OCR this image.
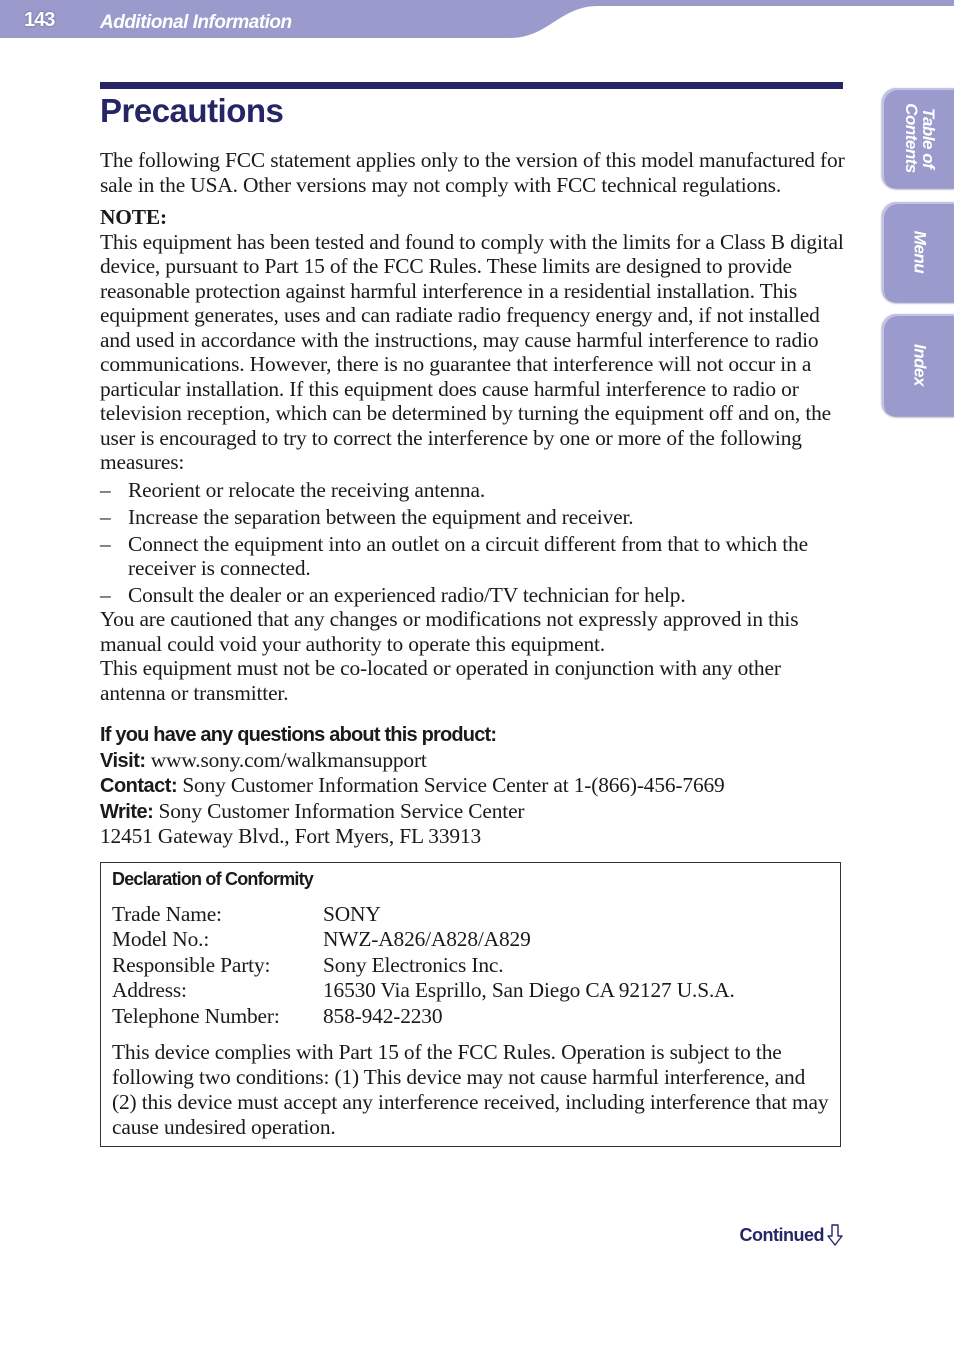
143 Additional Information
Precautions

The following FCC statement applies only to the version of this model manufactured for sale in the USA. Other versions may not comply with FCC technical regulations.

NOTE:

This equipment has been tested and found to comply with the limits for a Class B digital device, pursuant to Part 15 of the FCC Rules. These limits are designed to provide reasonable protection against harmful interference in a residential installation. This equipment generates, uses and can radiate radio frequency energy and, if not installed and used in accordance with the instructions, may cause harmful interference to radio communications. However, there is no guarantee that interference will not occur in a particular installation. If this equipment does cause harmful interference to radio or television reception, which can be determined by turning the equipment off and on, the user is encouraged to try to correct the interference by one or more of the following measures:

– Reorient or relocate the receiving antenna.
– Increase the separation between the equipment and receiver.
– Connect the equipment into an outlet on a circuit different from that to which the receiver is connected.
– Consult the dealer or an experienced radio/TV technician for help.

You are cautioned that any changes or modifications not expressly approved in this manual could void your authority to operate this equipment.

This equipment must not be co-located or operated in conjunction with any other antenna or transmitter.

If you have any questions about this product:

Visit: www.sony.com/walkmansupport

Contact: Sony Customer Information Service Center at 1-(866)-456-7669

Write: Sony Customer Information Service Center

12451 Gateway Blvd., Fort Myers, FL 33913

Declaration of Conformity

Trade Name:	SONY
Model No.:	NWZ-A826/A828/A829
Responsible Party:	Sony Electronics Inc.
Address:	16530 Via Esprillo, San Diego CA 92127 U.S.A.
Telephone Number:	858-942-2230

This device complies with Part 15 of the FCC Rules. Operation is subject to the following two conditions: (1) This device may not cause harmful interference, and (2) this device must accept any interference received, including interference that may cause undesired operation.

Continued
Table of
Contents
Menu
Index
